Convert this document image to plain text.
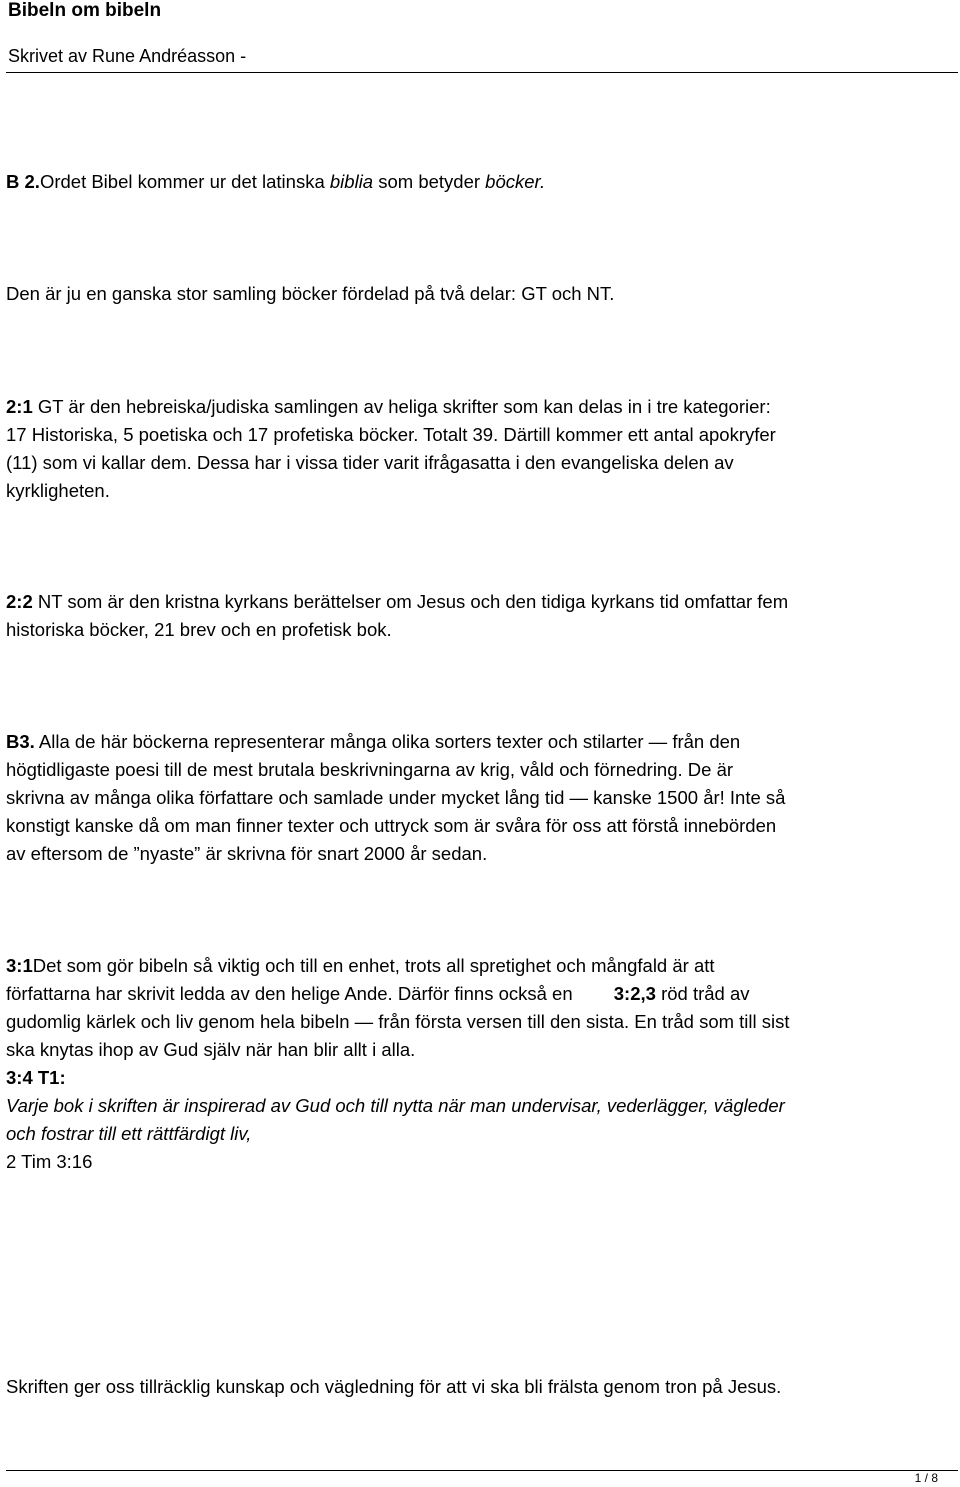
Bibeln om bibeln
Skrivet av Rune Andréasson -
B 2.Ordet Bibel kommer ur det latinska biblia som betyder böcker.
Den är ju en ganska stor samling böcker fördelad på två delar: GT och NT.
2:1 GT är den hebreiska/judiska samlingen av heliga skrifter som kan delas in i tre kategorier:
17 Historiska, 5 poetiska och 17 profetiska böcker. Totalt 39. Därtill kommer ett antal apokryfer
(11) som vi kallar dem. Dessa har i vissa tider varit ifrågasatta i den evangeliska delen av
kyrkligheten.
2:2 NT som är den kristna kyrkans berättelser om Jesus och den tidiga kyrkans tid omfattar fem
historiska böcker, 21 brev och en profetisk bok.
B3. Alla de här böckerna representerar många olika sorters texter och stilarter — från den
högtidligaste poesi till de mest brutala beskrivningarna av krig, våld och förnedring. De är
skrivna av många olika författare och samlade under mycket lång tid — kanske 1500 år! Inte så
konstigt kanske då om man finner texter och uttryck som är svåra för oss att förstå innebörden
av eftersom de ”nyaste” är skrivna för snart 2000 år sedan.
3:1Det som gör bibeln så viktig och till en enhet, trots all spretighet och mångfald är att
författarna har skrivit ledda av den helige Ande. Därför finns också en 3:2,3 röd tråd av
gudomlig kärlek och liv genom hela bibeln — från första versen till den sista. En tråd som till sist
ska knytas ihop av Gud själv när han blir allt i alla.
3:4 T1:
Varje bok i skriften är inspirerad av Gud och till nytta när man undervisar, vederlägger, vägleder
och fostrar till ett rättfärdigt liv,
2 Tim 3:16
Skriften ger oss tillräcklig kunskap och vägledning för att vi ska bli frälsta genom tron på Jesus.
1 / 8
